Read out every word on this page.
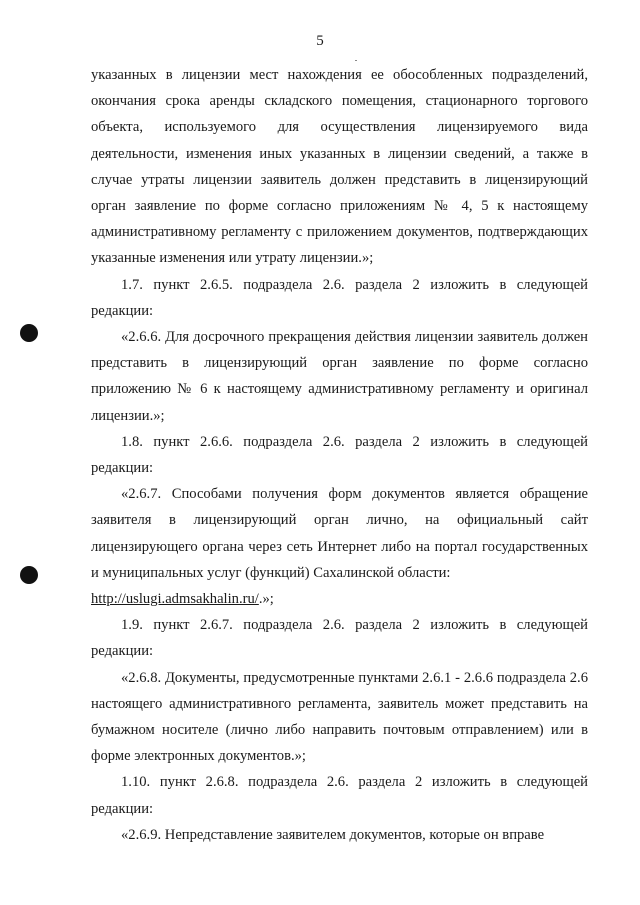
5

указанных в лицензии мест нахождения ее обособленных подразделений, окончания срока аренды складского помещения, стационарного торгового объекта, используемого для осуществления лицензируемого вида деятельности, изменения иных указанных в лицензии сведений, а также в случае утраты лицензии заявитель должен представить в лицензирующий орган заявление по форме согласно приложениям № 4, 5 к настоящему административному регламенту с приложением документов, подтверждающих указанные изменения или утрату лицензии.»;

1.7. пункт 2.6.5. подраздела 2.6. раздела 2 изложить в следующей редакции:

«2.6.6. Для досрочного прекращения действия лицензии заявитель должен представить в лицензирующий орган заявление по форме согласно приложению № 6 к настоящему административному регламенту и оригинал лицензии.»;

1.8. пункт 2.6.6. подраздела 2.6. раздела 2 изложить в следующей редакции:

«2.6.7. Способами получения форм документов является обращение заявителя в лицензирующий орган лично, на официальный сайт лицензирующего органа через сеть Интернет либо на портал государственных и муниципальных услуг (функций) Сахалинской области:

http://uslugi.admsakhalin.ru/.»;

1.9. пункт 2.6.7. подраздела 2.6. раздела 2 изложить в следующей редакции:

«2.6.8. Документы, предусмотренные пунктами 2.6.1 - 2.6.6 подраздела 2.6 настоящего административного регламента, заявитель может представить на бумажном носителе (лично либо направить почтовым отправлением) или в форме электронных документов.»;

1.10. пункт 2.6.8. подраздела 2.6. раздела 2 изложить в следующей редакции:

«2.6.9. Непредставление заявителем документов, которые он вправе
